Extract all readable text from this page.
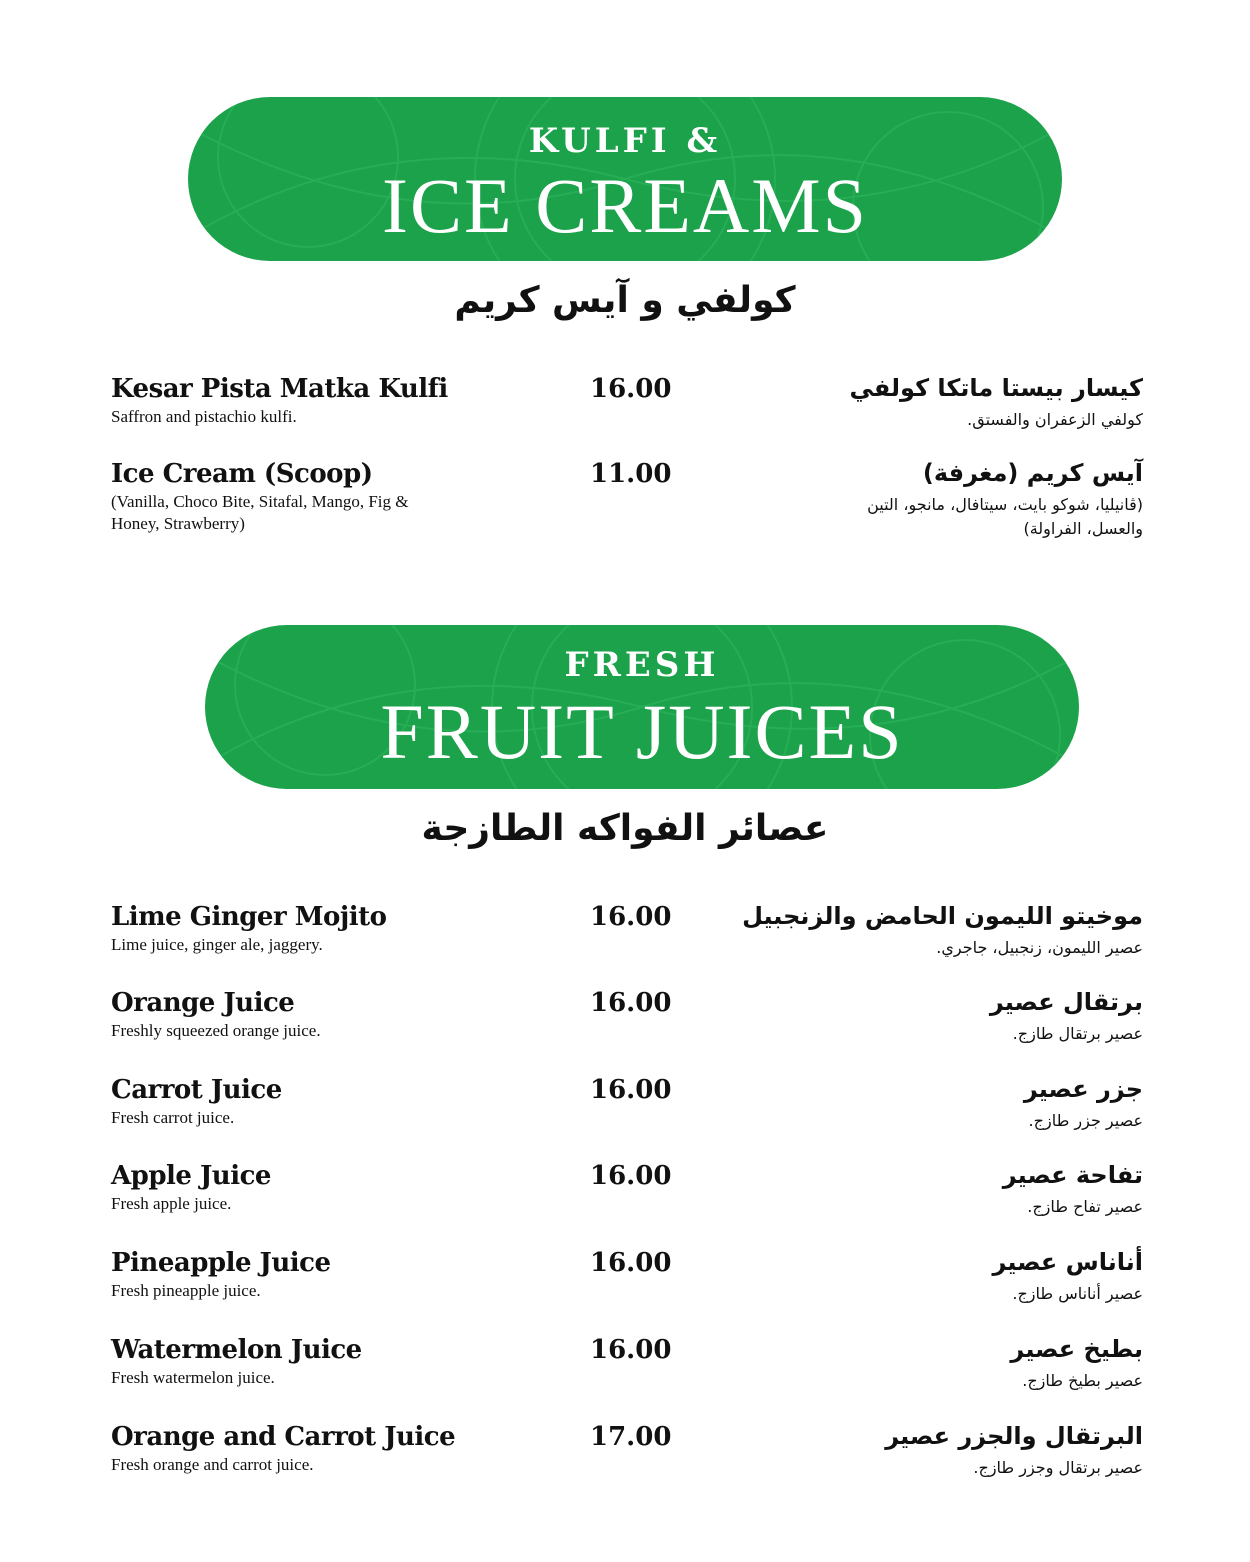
KULFI &
ICE CREAMS
كولفي و آيس كريم
Kesar Pista Matka Kulfi
Saffron and pistachio kulfi.
16.00	كيسار بيستا ماتكا كولفي
كولفي الزعفران والفستق.
Ice Cream (Scoop)
(Vanilla, Choco Bite, Sitafal, Mango, Fig & Honey, Strawberry)
11.00	آيس كريم (مغرفة)
(ڤانيليا، شوكو بايت، سيتافال، مانجو، التين والعسل، الفراولة)
FRESH
FRUIT JUICES
عصائر الفواكه الطازجة
Lime Ginger Mojito
Lime juice, ginger ale, jaggery.
16.00	موخيتو الليمون الحامض والزنجبيل
عصير الليمون، زنجبيل، جاجري.
Orange Juice
Freshly squeezed orange juice.
16.00	برتقال عصير
عصير برتقال طازج.
Carrot Juice
Fresh carrot juice.
16.00	جزر عصير
عصير جزر طازج.
Apple Juice
Fresh apple juice.
16.00	تفاحة عصير
عصير تفاح طازج.
Pineapple Juice
Fresh pineapple juice.
16.00	أناناس عصير
عصير أناناس طازج.
Watermelon Juice
Fresh watermelon juice.
16.00	بطيخ عصير
عصير بطيخ طازج.
Orange and Carrot Juice
Fresh orange and carrot juice.
17.00	البرتقال والجزر عصير
عصير برتقال وجزر طازج.
